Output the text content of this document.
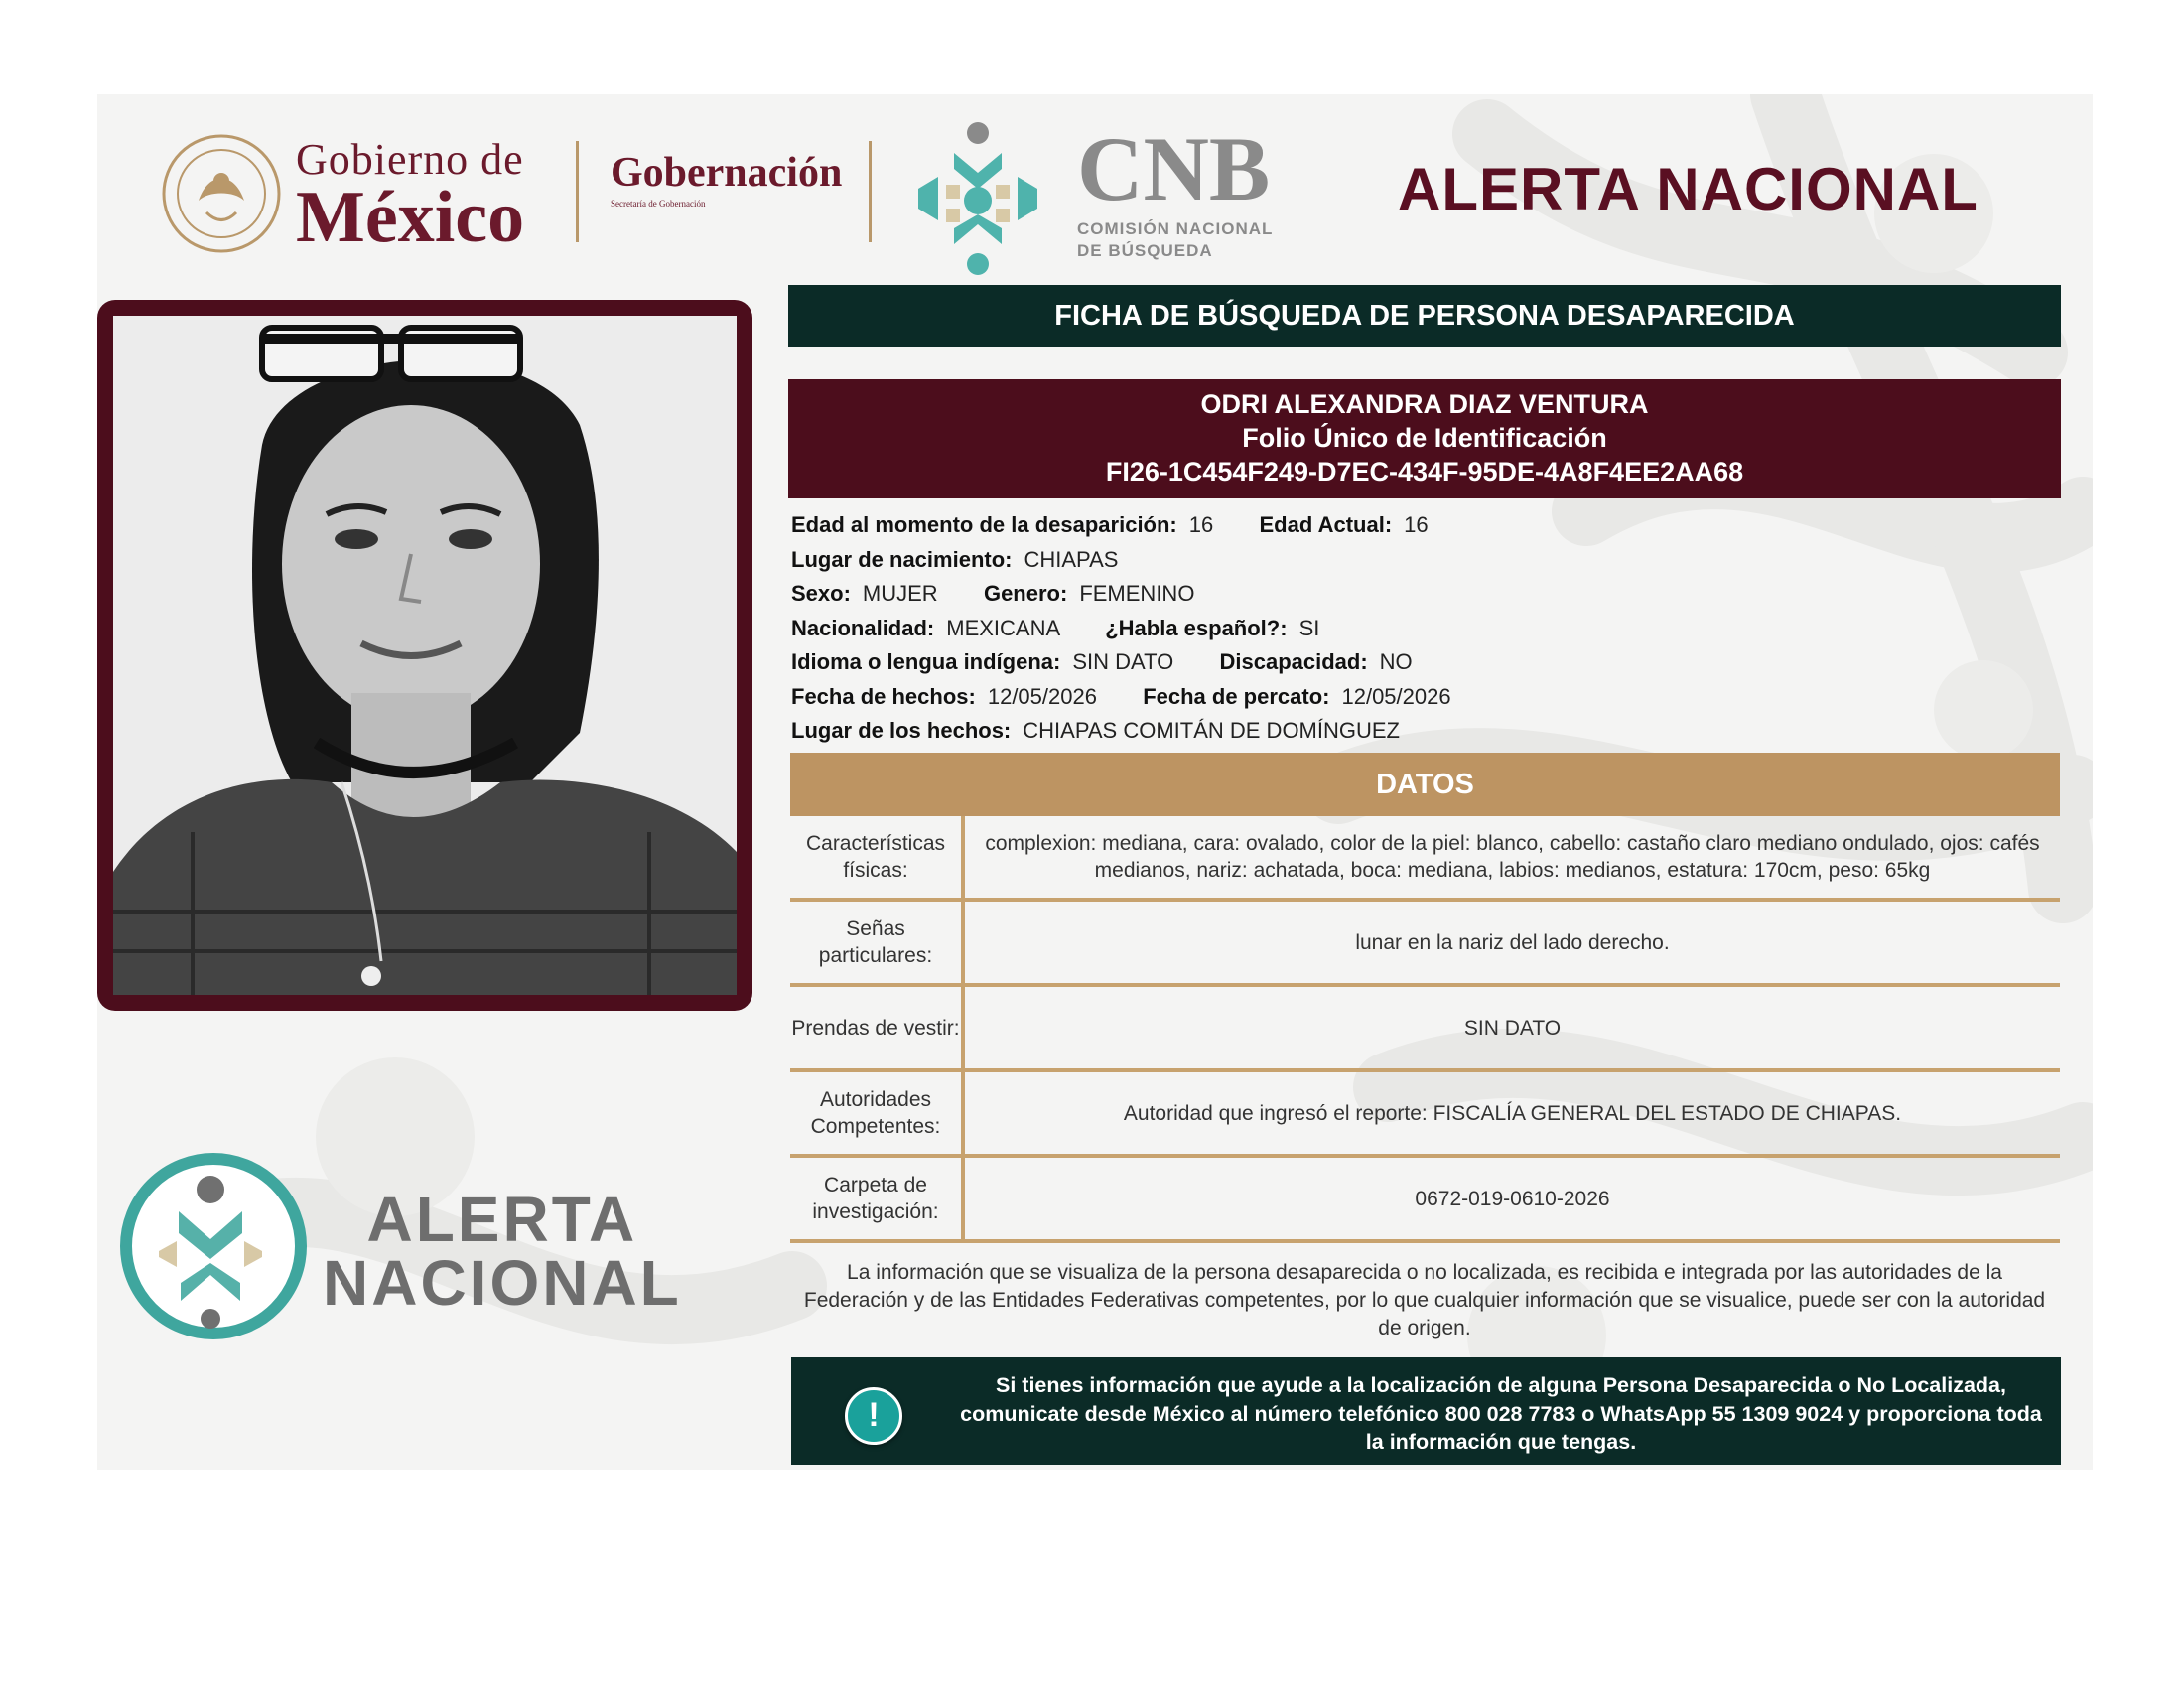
Gobierno de
México
Gobernación
Secretaría de Gobernación	CNB
COMISIÓN NACIONAL
DE BÚSQUEDA
ALERTA NACIONAL
FICHA DE BÚSQUEDA DE PERSONA DESAPARECIDA
ODRI ALEXANDRA DIAZ VENTURA
Folio Único de Identificación
FI26-1C454F249-D7EC-434F-95DE-4A8F4EE2AA68
Edad al momento de la desaparición: 16 Edad Actual: 16
Lugar de nacimiento: CHIAPAS
Sexo: MUJER Genero: FEMENINO
Nacionalidad: MEXICANA ¿Habla español?: SI
Idioma o lengua indígena: SIN DATO Discapacidad: NO
Fecha de hechos: 12/05/2026 Fecha de percato: 12/05/2026
Lugar de los hechos: CHIAPAS COMITÁN DE DOMÍNGUEZ
DATOS
Características físicas:
complexion: mediana, cara: ovalado, color de la piel: blanco, cabello: castaño claro mediano ondulado, ojos: cafés medianos, nariz: achatada, boca: mediana, labios: medianos, estatura: 170cm, peso: 65kg
Señas particulares:
lunar en la nariz del lado derecho.
Prendas de vestir:	SIN DATO
Autoridades Competentes:
Autoridad que ingresó el reporte: FISCALÍA GENERAL DEL ESTADO DE CHIAPAS.
Carpeta de investigación:
0672-019-0610-2026
La información que se visualiza de la persona desaparecida o no localizada, es recibida e integrada por las autoridades de la Federación y de las Entidades Federativas competentes, por lo que cualquier información que se visualice, puede ser con la autoridad de origen.
!
Si tienes información que ayude a la localización de alguna Persona Desaparecida o No Localizada, comunicate desde México al número telefónico 800 028 7783 o WhatsApp 55 1309 9024 y proporciona toda la información que tengas.
ALERTA
NACIONAL
